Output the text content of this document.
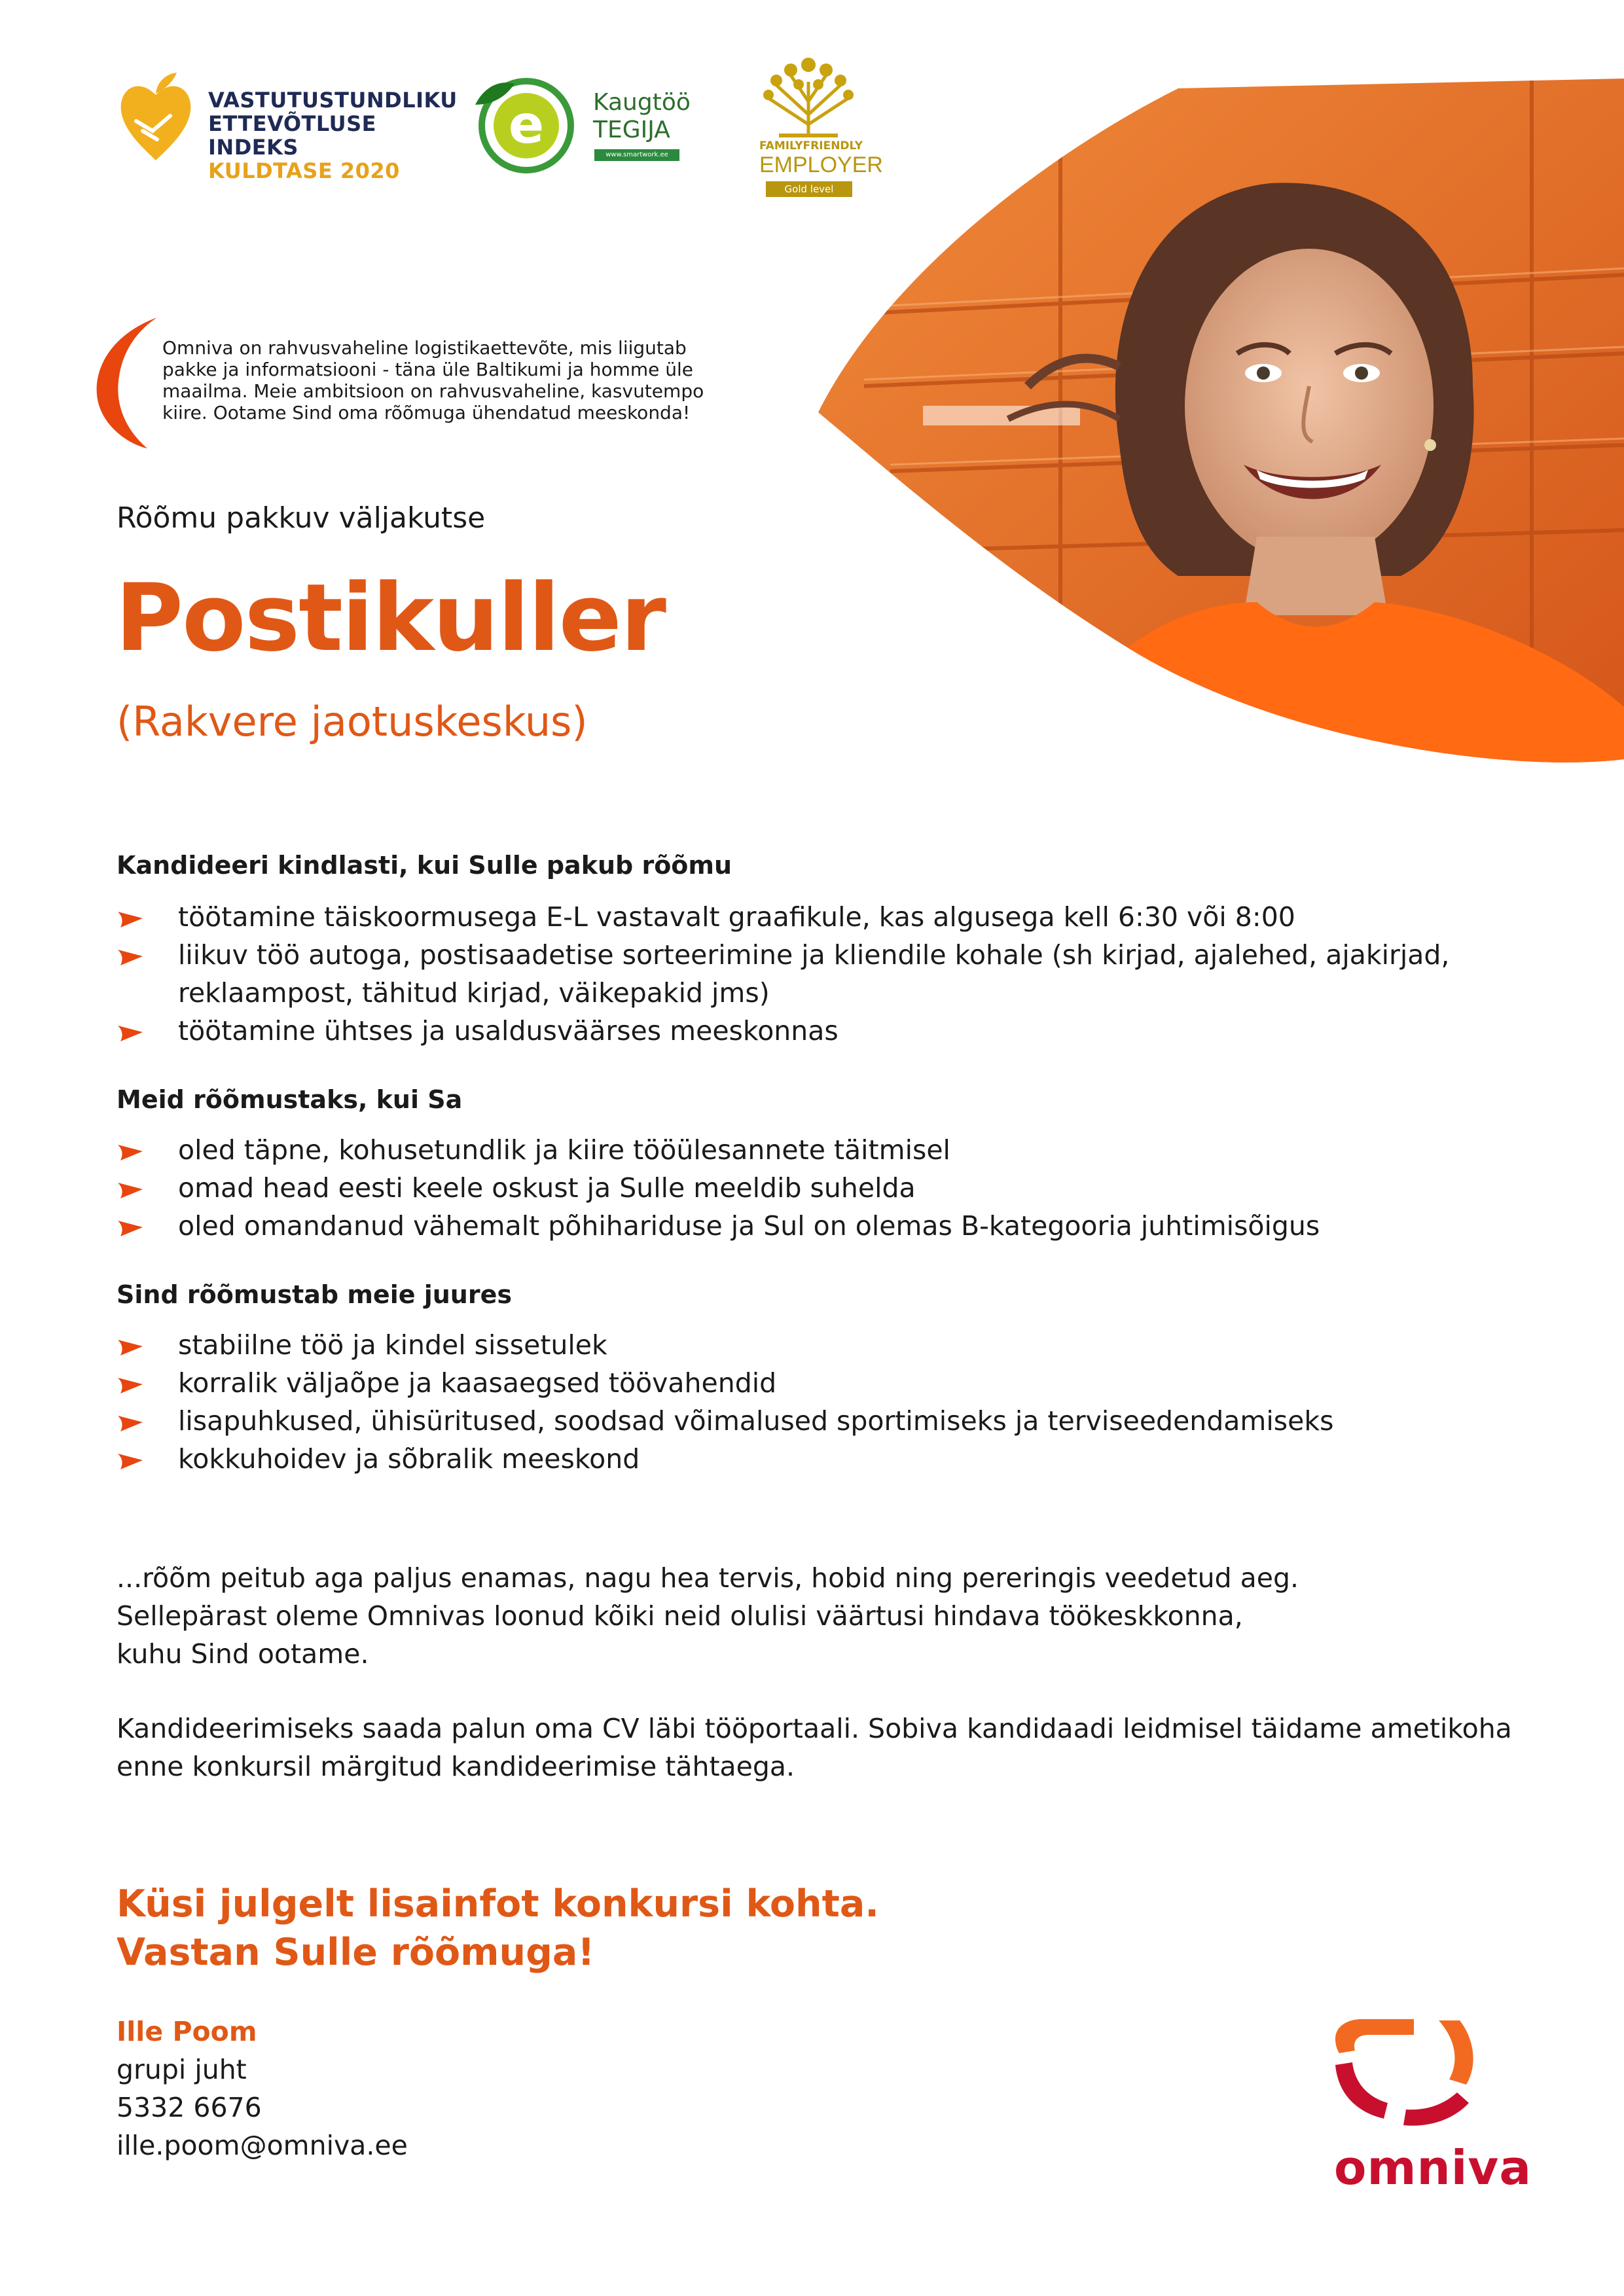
VASTUTUSTUNDLIKU
ETTEVÕTLUSE INDEKS
KULDTASE 2020
e Kaugtöö
TEGIJA
www.smartwork.ee
FAMILYFRIENDLY
EMPLOYER
Gold level
Omniva on rahvusvaheline logistikaettevõte, mis liigutab pakke ja informatsiooni - täna üle Baltikumi ja homme üle maailma. Meie ambitsioon on rahvusvaheline, kasvutempo kiire. Ootame Sind oma rõõmuga ühendatud meeskonda!
Rõõmu pakkuv väljakutse
Postikuller
(Rakvere jaotuskeskus)
Kandideeri kindlasti, kui Sulle pakub rõõmu
töötamine täiskoormusega E-L vastavalt graafikule, kas algusega kell 6:30 või 8:00
liikuv töö autoga, postisaadetise sorteerimine ja kliendile kohale (sh kirjad, ajalehed, ajakirjad, reklaampost, tähitud kirjad, väikepakid jms)
töötamine ühtses ja usaldusväärses meeskonnas
Meid rõõmustaks, kui Sa
oled täpne, kohusetundlik ja kiire tööülesannete täitmisel
omad head eesti keele oskust ja Sulle meeldib suhelda
oled omandanud vähemalt põhihariduse ja Sul on olemas B-kategooria juhtimisõigus
Sind rõõmustab meie juures
stabiilne töö ja kindel sissetulek
korralik väljaõpe ja kaasaegsed töövahendid
lisapuhkused, ühisüritused, soodsad võimalused sportimiseks ja terviseedendamiseks
kokkuhoidev ja sõbralik meeskond
...rõõm peitub aga paljus enamas, nagu hea tervis, hobid ning pereringis veedetud aeg.
Sellepärast oleme Omnivas loonud kõiki neid olulisi väärtusi hindava töökeskkonna,
kuhu Sind ootame.
Kandideerimiseks saada palun oma CV läbi tööportaali. Sobiva kandidaadi leidmisel täidame ametikoha
enne konkursil märgitud kandideerimise tähtaega.
Küsi julgelt lisainfot konkursi kohta.
Vastan Sulle rõõmuga!
Ille Poom
grupi juht
5332 6676
ille.poom@omniva.ee	omniva
